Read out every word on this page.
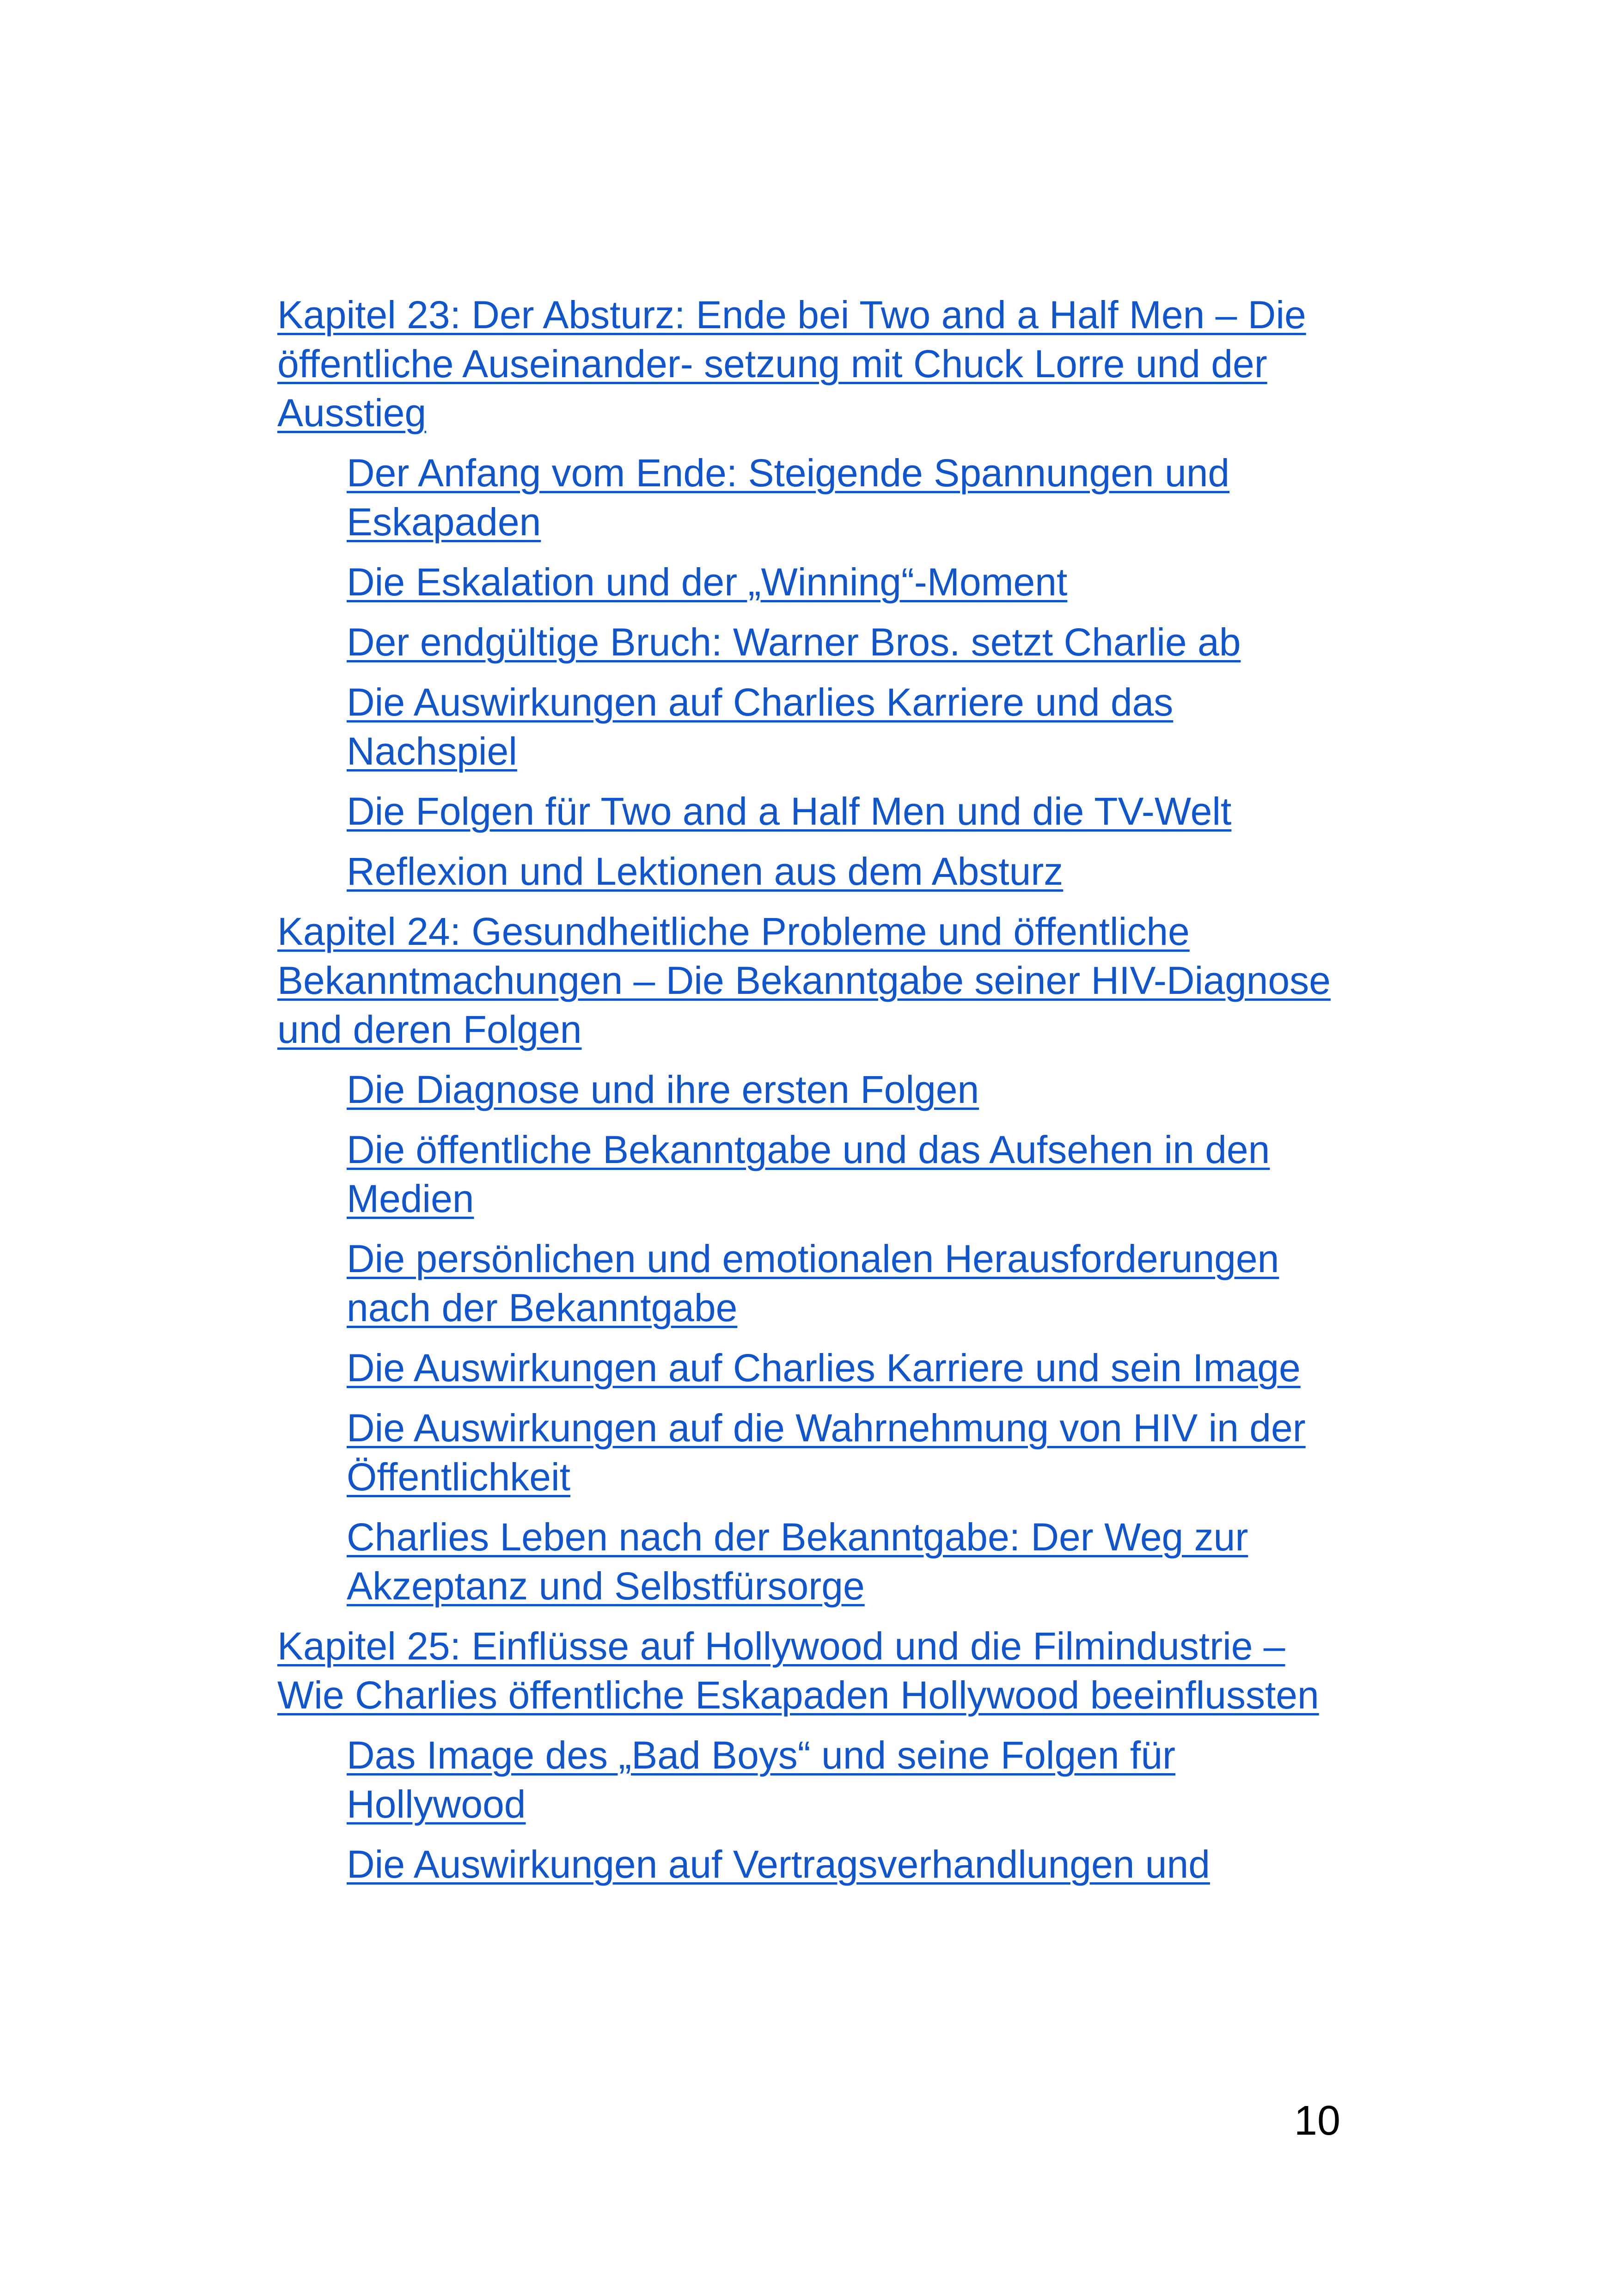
Kapitel 23: Der Absturz: Ende bei Two and a Half Men – Die öffentliche Auseinander- setzung mit Chuck Lorre und der Ausstieg
Der Anfang vom Ende: Steigende Spannungen und Eskapaden
Die Eskalation und der „Winning“-Moment
Der endgültige Bruch: Warner Bros. setzt Charlie ab
Die Auswirkungen auf Charlies Karriere und das Nachspiel
Die Folgen für Two and a Half Men und die TV-Welt
Reflexion und Lektionen aus dem Absturz
Kapitel 24: Gesundheitliche Probleme und öffentliche Bekanntmachungen – Die Bekanntgabe seiner HIV-Diagnose und deren Folgen
Die Diagnose und ihre ersten Folgen
Die öffentliche Bekanntgabe und das Aufsehen in den Medien
Die persönlichen und emotionalen Herausforderungen nach der Bekanntgabe
Die Auswirkungen auf Charlies Karriere und sein Image
Die Auswirkungen auf die Wahrnehmung von HIV in der Öffentlichkeit
Charlies Leben nach der Bekanntgabe: Der Weg zur Akzeptanz und Selbstfürsorge
Kapitel 25: Einflüsse auf Hollywood und die Filmindustrie – Wie Charlies öffentliche Eskapaden Hollywood beeinflussten
Das Image des „Bad Boys“ und seine Folgen für Hollywood
Die Auswirkungen auf Vertragsverhandlungen und
10
